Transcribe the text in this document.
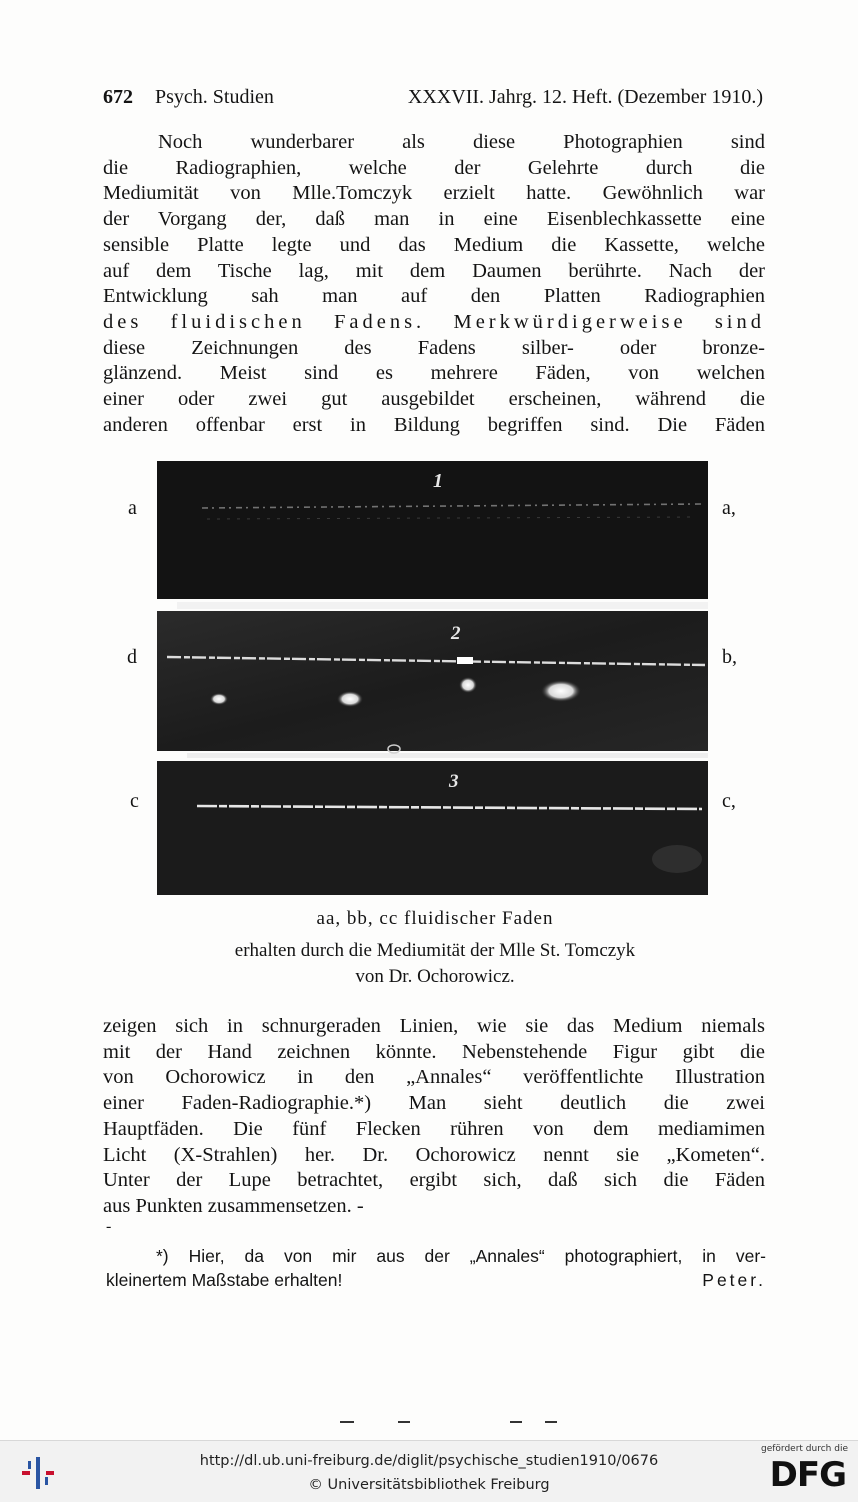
672 Psych. Studien	XXXVII. Jahrg. 12. Heft. (Dezember 1910.)
Noch wunderbarer als diese Photographien sind
die Radiographien, welche der Gelehrte durch die
Mediumität von Mlle.Tomczyk erzielt hatte. Gewöhnlich war
der Vorgang der, daß man in eine Eisenblechkassette eine
sensible Platte legte und das Medium die Kassette, welche
auf dem Tische lag, mit dem Daumen berührte. Nach der
Entwicklung sah man auf den Platten Radiographien
des fluidischen Fadens. Merkwürdigerweise sind
diese Zeichnungen des Fadens silber- oder bronze-
glänzend. Meist sind es mehrere Fäden, von welchen
einer oder zwei gut ausgebildet erscheinen, während die
anderen offenbar erst in Bildung begriffen sind. Die Fäden
a
d
c
a,
b,
c,
1
2
3
aa, bb, cc fluidischer Faden
erhalten durch die Mediumität der Mlle St. Tomczyk
von Dr. Ochorowicz.
zeigen sich in schnurgeraden Linien, wie sie das Medium niemals
mit der Hand zeichnen könnte. Nebenstehende Figur gibt die
von Ochorowicz in den „Annales“ veröffentlichte Illustration
einer Faden-Radiographie.*) Man sieht deutlich die zwei
Hauptfäden. Die fünf Flecken rühren von dem mediamimen
Licht (X-Strahlen) her. Dr. Ochorowicz nennt sie „Kometen“.
Unter der Lupe betrachtet, ergibt sich, daß sich die Fäden
aus Punkten zusammensetzen. -
-
*) Hier, da von mir aus der „Annales“ photographiert, in ver-
kleinertem Maßstabe erhalten!	Peter.
http://dl.ub.uni-freiburg.de/diglit/psychische_studien1910/0676
© Universitätsbibliothek Freiburg
gefördert durch die
DFG
